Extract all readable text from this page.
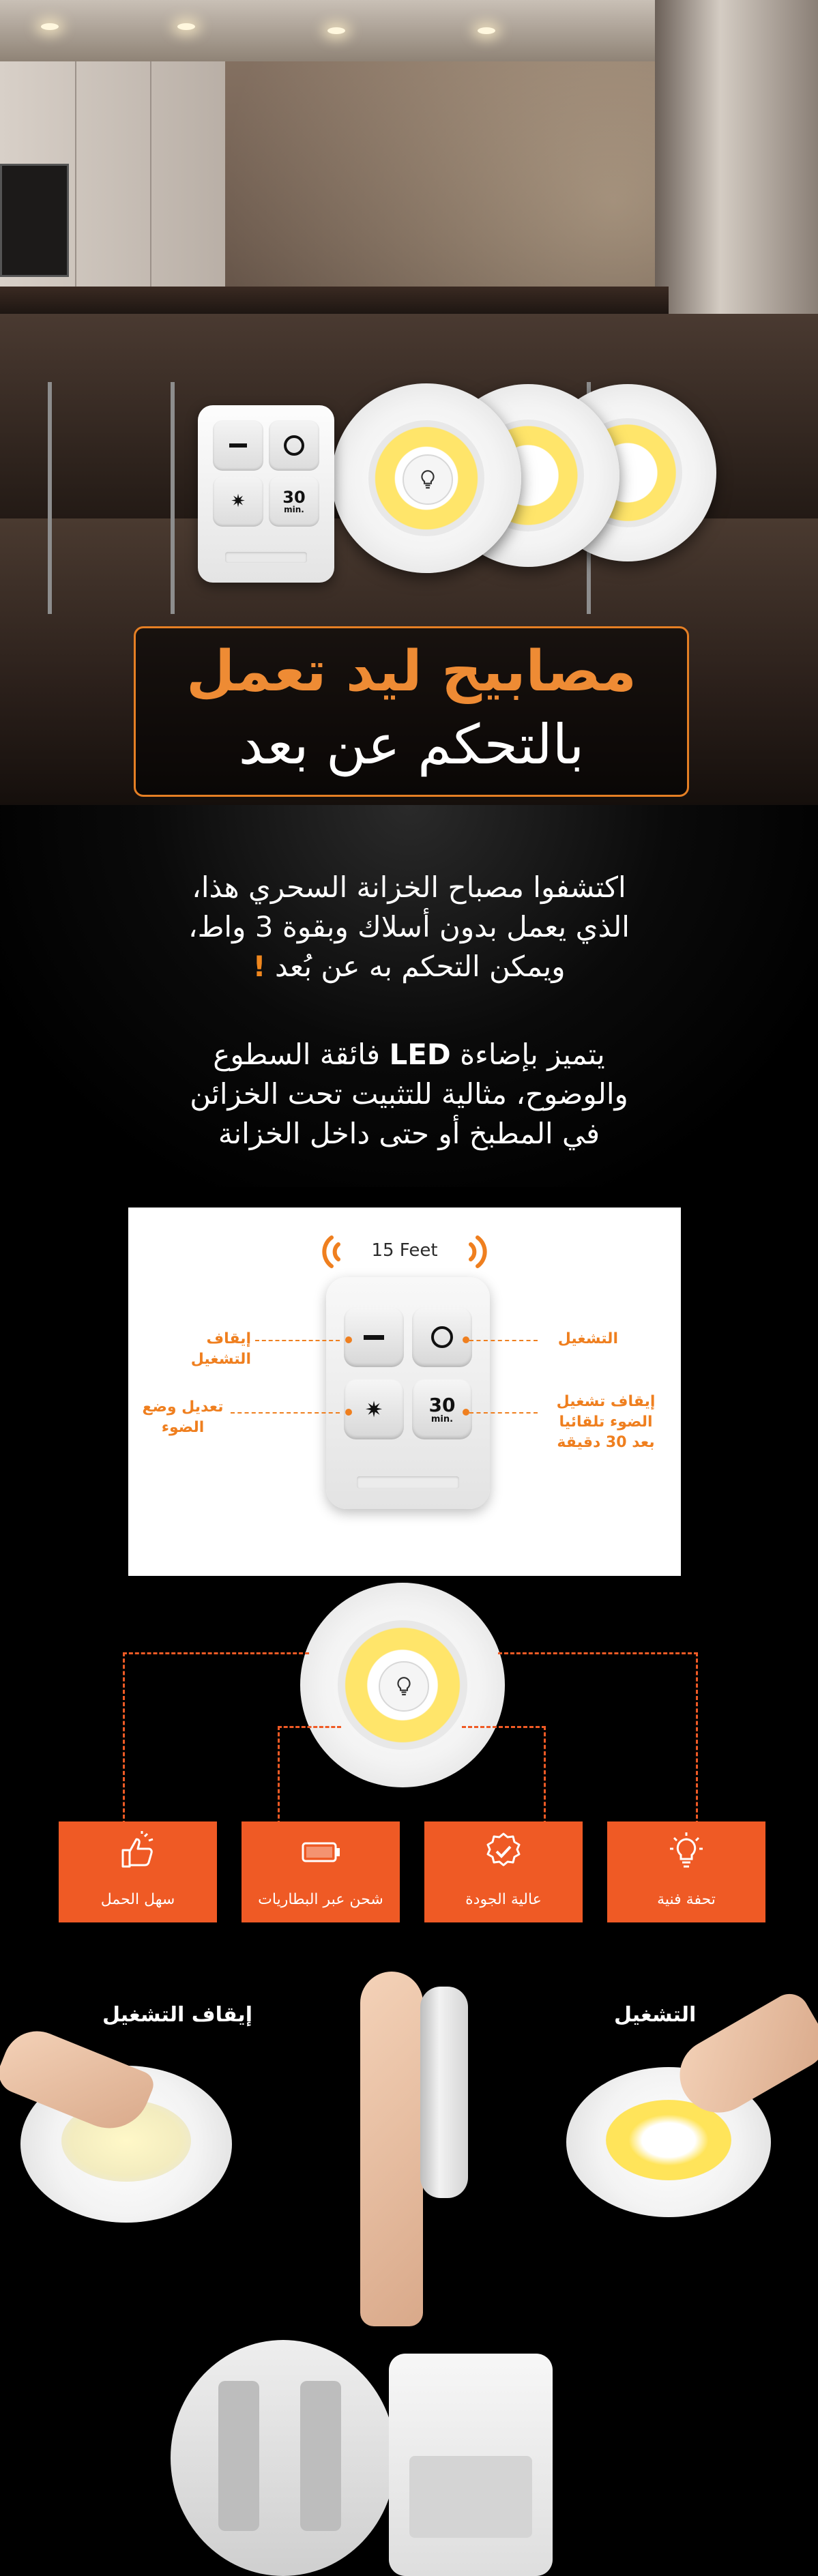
✷ 30
min.
مصابيح ليد تعمل
بالتحكم عن بعد
اكتشفوا مصباح الخزانة السحري هذا،
الذي يعمل بدون أسلاك وبقوة 3 واط،
ويمكن التحكم به عن بُعد !
يتميز بإضاءة LED فائقة السطوع
والوضوح، مثالية للتثبيت تحت الخزائن
في المطبخ أو حتى داخل الخزانة
15 Feet
✷ 30
min.
إيقاف التشغيل
تعديل وضع
الضوء
التشغيل
إيقاف تشغيل
الضوء تلقائيا
بعد 30 دقيقة
سهل الحمل	شحن عبر البطاريات	عالية الجودة	تحفة فنية
إيقاف التشغيل	التشغيل
